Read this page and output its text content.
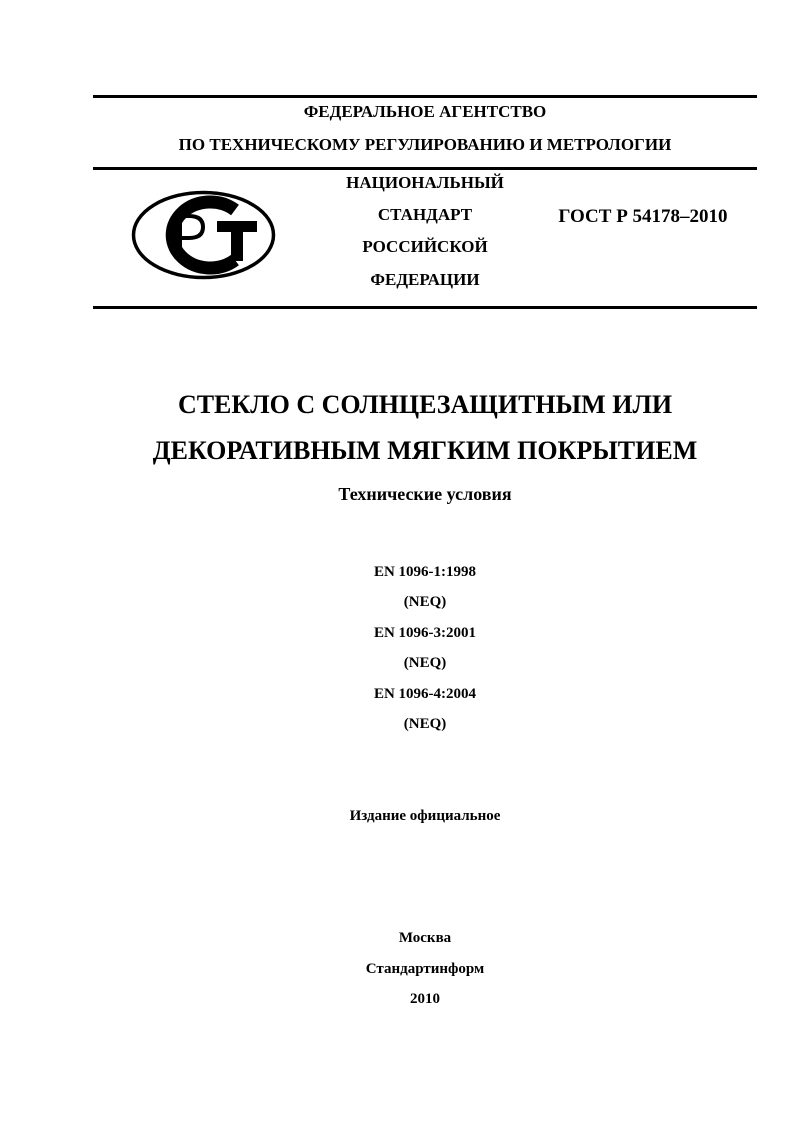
ФЕДЕРАЛЬНОЕ АГЕНТСТВО
ПО ТЕХНИЧЕСКОМУ РЕГУЛИРОВАНИЮ И МЕТРОЛОГИИ
НАЦИОНАЛЬНЫЙ
СТАНДАРТ
РОССИЙСКОЙ
ФЕДЕРАЦИИ
ГОСТ Р 54178–2010
СТЕКЛО С СОЛНЦЕЗАЩИТНЫМ ИЛИ
ДЕКОРАТИВНЫМ МЯГКИМ ПОКРЫТИЕМ
Технические условия
EN 1096-1:1998
(NEQ)
EN 1096-3:2001
(NEQ)
EN 1096-4:2004
(NEQ)
Издание официальное
Москва
Стандартинформ
2010
